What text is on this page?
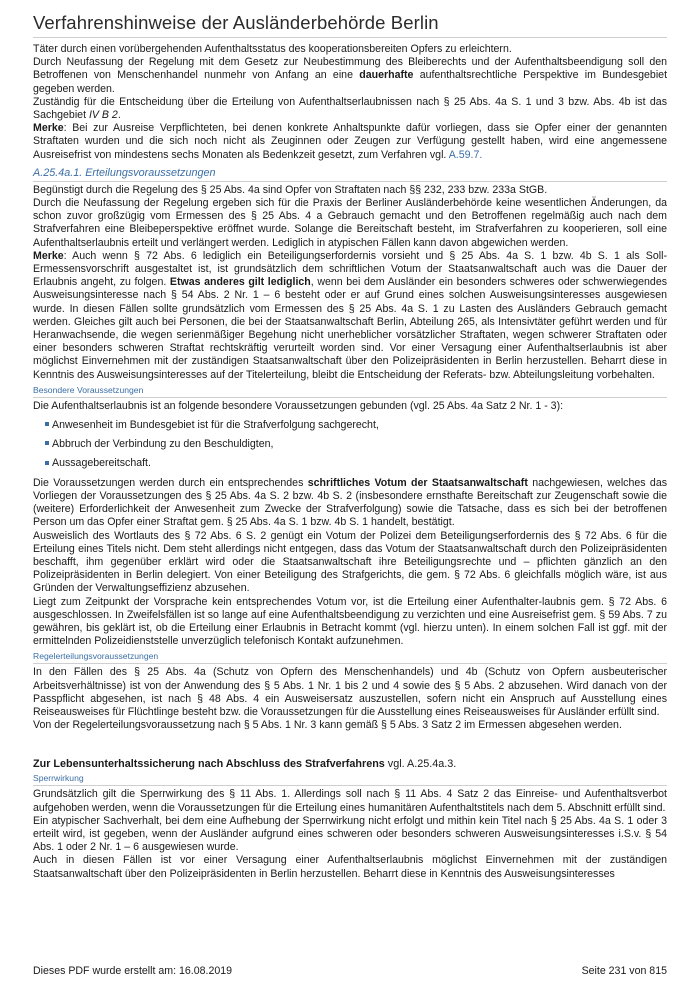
Verfahrenshinweise der Ausländerbehörde Berlin

Täter durch einen vorübergehenden Aufenthaltsstatus des kooperationsbereiten Opfers zu erleichtern.

Durch Neufassung der Regelung mit dem Gesetz zur Neubestimmung des Bleiberechts und der Aufenthaltsbeendigung soll den Betroffenen von Menschenhandel nunmehr von Anfang an eine dauerhafte aufenthaltsrechtliche Perspektive im Bundesgebiet gegeben werden.

Zuständig für die Entscheidung über die Erteilung von Aufenthaltserlaubnissen nach § 25 Abs. 4a S. 1 und 3 bzw. Abs. 4b ist das Sachgebiet IV B 2.

Merke: Bei zur Ausreise Verpflichteten, bei denen konkrete Anhaltspunkte dafür vorliegen, dass sie Opfer einer der genannten Straftaten wurden und die sich noch nicht als Zeuginnen oder Zeugen zur Verfügung gestellt haben, wird eine angemessene Ausreisefrist von mindestens sechs Monaten als Bedenkzeit gesetzt, zum Verfahren vgl. A.59.7.

A.25.4a.1. Erteilungsvoraussetzungen

Begünstigt durch die Regelung des § 25 Abs. 4a sind Opfer von Straftaten nach §§ 232, 233 bzw. 233a StGB.

Durch die Neufassung der Regelung ergeben sich für die Praxis der Berliner Ausländerbehörde keine wesentlichen Änderungen, da schon zuvor großzügig vom Ermessen des § 25 Abs. 4 a Gebrauch gemacht und den Betroffenen regelmäßig auch nach dem Strafverfahren eine Bleibeperspektive eröffnet wurde. Solange die Bereitschaft besteht, im Strafverfahren zu kooperieren, soll eine Aufenthaltserlaubnis erteilt und verlängert werden. Lediglich in atypischen Fällen kann davon abgewichen werden.

Merke: Auch wenn § 72 Abs. 6 lediglich ein Beteiligungserfordernis vorsieht und § 25 Abs. 4a S. 1 bzw. 4b S. 1 als Soll-Ermessensvorschrift ausgestaltet ist, ist grundsätzlich dem schriftlichen Votum der Staatsanwaltschaft auch was die Dauer der Erlaubnis angeht, zu folgen. Etwas anderes gilt lediglich, wenn bei dem Ausländer ein besonders schweres oder schwerwiegendes Ausweisungsinteresse nach § 54 Abs. 2 Nr. 1 – 6 besteht oder er auf Grund eines solchen Ausweisungsinteresses ausgewiesen wurde. In diesen Fällen sollte grundsätzlich vom Ermessen des § 25 Abs. 4a S. 1 zu Lasten des Ausländers Gebrauch gemacht werden. Gleiches gilt auch bei Personen, die bei der Staatsanwaltschaft Berlin, Abteilung 265, als Intensivtäter geführt werden und für Heranwachsende, die wegen serienmäßiger Begehung nicht unerheblicher vorsätzlicher Straftaten, wegen schwerer Straftaten oder einer besonders schweren Straftat rechtskräftig verurteilt worden sind. Vor einer Versagung einer Aufenthaltserlaubnis ist aber möglichst Einvernehmen mit der zuständigen Staatsanwaltschaft über den Polizeipräsidenten in Berlin herzustellen. Beharrt diese in Kenntnis des Ausweisungsinteresses auf der Titelerteilung, bleibt die Entscheidung der Referats- bzw. Abteilungsleitung vorbehalten.

Besondere Voraussetzungen

Die Aufenthaltserlaubnis ist an folgende besondere Voraussetzungen gebunden (vgl. 25 Abs. 4a Satz 2 Nr. 1 - 3):

Anwesenheit im Bundesgebiet ist für die Strafverfolgung sachgerecht,
Abbruch der Verbindung zu den Beschuldigten,
Aussagebereitschaft.

Die Voraussetzungen werden durch ein entsprechendes schriftliches Votum der Staatsanwaltschaft nachgewiesen, welches das Vorliegen der Voraussetzungen des § 25 Abs. 4a S. 2 bzw. 4b S. 2 (insbesondere ernsthafte Bereitschaft zur Zeugenschaft sowie die (weitere) Erforderlichkeit der Anwesenheit zum Zwecke der Strafverfolgung) sowie die Tatsache, dass es sich bei der betroffenen Person um das Opfer einer Straftat gem. § 25 Abs. 4a S. 1 bzw. 4b S. 1 handelt, bestätigt.

Ausweislich des Wortlauts des § 72 Abs. 6 S. 2 genügt ein Votum der Polizei dem Beteiligungserfordernis des § 72 Abs. 6 für die Erteilung eines Titels nicht. Dem steht allerdings nicht entgegen, dass das Votum der Staatsanwaltschaft durch den Polizeipräsidenten beschafft, ihm gegenüber erklärt wird oder die Staatsanwaltschaft ihre Beteiligungsrechte und – pflichten gänzlich an den Polizeipräsidenten in Berlin delegiert. Von einer Beteiligung des Strafgerichts, die gem. § 72 Abs. 6 gleichfalls möglich wäre, ist aus Gründen der Verwaltungseffizienz abzusehen.

Liegt zum Zeitpunkt der Vorsprache kein entsprechendes Votum vor, ist die Erteilung einer Aufenthalter-laubnis gem. § 72 Abs. 6 ausgeschlossen. In Zweifelsfällen ist so lange auf eine Aufenthaltsbeendigung zu verzichten und eine Ausreisefrist gem. § 59 Abs. 7 zu gewähren, bis geklärt ist, ob die Erteilung einer Erlaubnis in Betracht kommt (vgl. hierzu unten). In einem solchen Fall ist ggf. mit der ermittelnden Polizeidienststelle unverzüglich telefonisch Kontakt aufzunehmen.

Regelerteilungsvoraussetzungen

In den Fällen des § 25 Abs. 4a (Schutz von Opfern des Menschenhandels) und 4b (Schutz von Opfern ausbeuterischer Arbeitsverhältnisse) ist von der Anwendung des § 5 Abs. 1 Nr. 1 bis 2 und 4 sowie des § 5 Abs. 2 abzusehen. Wird danach von der Passpflicht abgesehen, ist nach § 48 Abs. 4 ein Ausweisersatz auszustellen, sofern nicht ein Anspruch auf Ausstellung eines Reiseausweises für Flüchtlinge besteht bzw. die Voraussetzungen für die Ausstellung eines Reiseausweises für Ausländer erfüllt sind.

Von der Regelerteilungsvoraussetzung nach § 5 Abs. 1 Nr. 3 kann gemäß § 5 Abs. 3 Satz 2 im Ermessen abgesehen werden.

Zur Lebensunterhaltssicherung nach Abschluss des Strafverfahrens vgl. A.25.4a.3.
Sperrwirkung

Grundsätzlich gilt die Sperrwirkung des § 11 Abs. 1. Allerdings soll nach § 11 Abs. 4 Satz 2 das Einreise- und Aufenthaltsverbot aufgehoben werden, wenn die Voraussetzungen für die Erteilung eines humanitären Aufenthaltstitels nach dem 5. Abschnitt erfüllt sind.

Ein atypischer Sachverhalt, bei dem eine Aufhebung der Sperrwirkung nicht erfolgt und mithin kein Titel nach § 25 Abs. 4a S. 1 oder 3 erteilt wird, ist gegeben, wenn der Ausländer aufgrund eines schweren oder besonders schweren Ausweisungsinteresses i.S.v. § 54 Abs. 1 oder 2 Nr. 1 – 6 ausgewiesen wurde.

Auch in diesen Fällen ist vor einer Versagung einer Aufenthaltserlaubnis möglichst Einvernehmen mit der zuständigen Staatsanwaltschaft über den Polizeipräsidenten in Berlin herzustellen. Beharrt diese in Kenntnis des Ausweisungsinteresses

Dieses PDF wurde erstellt am: 16.08.2019	Seite 231 von 815
